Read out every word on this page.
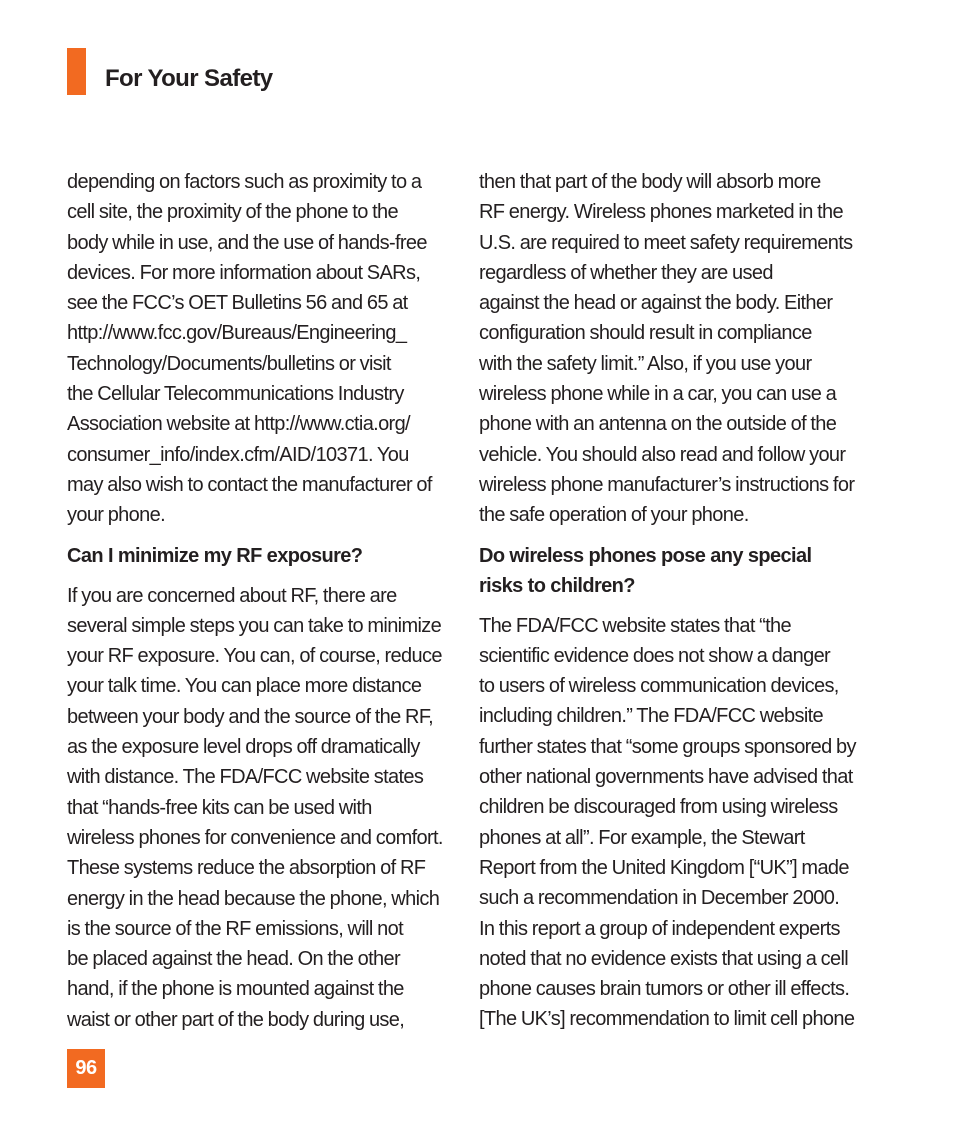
For Your Safety

depending on factors such as proximity to a
cell site, the proximity of the phone to the
body while in use, and the use of hands-free
devices. For more information about SARs,
see the FCC’s OET Bulletins 56 and 65 at
http://www.fcc.gov/Bureaus/Engineering_
Technology/Documents/bulletins or visit
the Cellular Telecommunications Industry
Association website at http://www.ctia.org/
consumer_info/index.cfm/AID/10371. You
may also wish to contact the manufacturer of
your phone.

Can I minimize my RF exposure?

If you are concerned about RF, there are
several simple steps you can take to minimize
your RF exposure. You can, of course, reduce
your talk time. You can place more distance
between your body and the source of the RF,
as the exposure level drops off dramatically
with distance. The FDA/FCC website states
that “hands-free kits can be used with
wireless phones for convenience and comfort.
These systems reduce the absorption of RF
energy in the head because the phone, which
is the source of the RF emissions, will not
be placed against the head. On the other
hand, if the phone is mounted against the
waist or other part of the body during use,

then that part of the body will absorb more
RF energy. Wireless phones marketed in the
U.S. are required to meet safety requirements
regardless of whether they are used
against the head or against the body. Either
configuration should result in compliance
with the safety limit.” Also, if you use your
wireless phone while in a car, you can use a
phone with an antenna on the outside of the
vehicle. You should also read and follow your
wireless phone manufacturer’s instructions for
the safe operation of your phone.

Do wireless phones pose any special
risks to children?

The FDA/FCC website states that “the
scientific evidence does not show a danger
to users of wireless communication devices,
including children.” The FDA/FCC website
further states that “some groups sponsored by
other national governments have advised that
children be discouraged from using wireless
phones at all”. For example, the Stewart
Report from the United Kingdom [“UK”] made
such a recommendation in December 2000.
In this report a group of independent experts
noted that no evidence exists that using a cell
phone causes brain tumors or other ill effects.
[The UK’s] recommendation to limit cell phone

96
